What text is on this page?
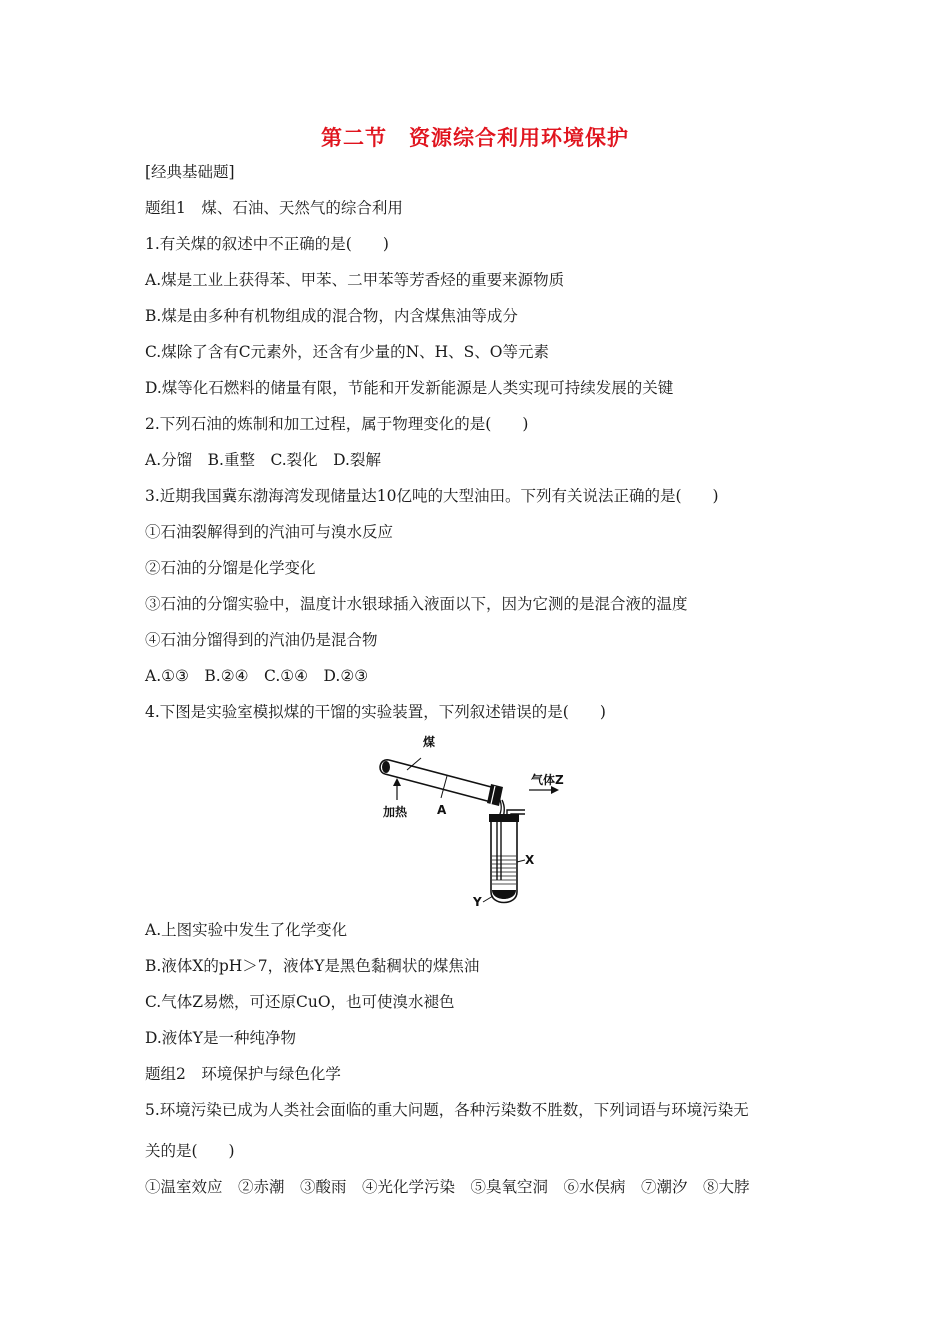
第二节　资源综合利用环境保护
[经典基础题]
题组1　煤、石油、天然气的综合利用
1.有关煤的叙述中不正确的是(　　)
A.煤是工业上获得苯、甲苯、二甲苯等芳香烃的重要来源物质
B.煤是由多种有机物组成的混合物，内含煤焦油等成分
C.煤除了含有C元素外，还含有少量的N、H、S、O等元素
D.煤等化石燃料的储量有限，节能和开发新能源是人类实现可持续发展的关键
2.下列石油的炼制和加工过程，属于物理变化的是(　　)
A.分馏　B.重整　C.裂化　D.裂解
3.近期我国冀东渤海湾发现储量达10亿吨的大型油田。下列有关说法正确的是(　　)
①石油裂解得到的汽油可与溴水反应
②石油的分馏是化学变化
③石油的分馏实验中，温度计水银球插入液面以下，因为它测的是混合液的温度
④石油分馏得到的汽油仍是混合物
A.①③　B.②④　C.①④　D.②③
4.下图是实验室模拟煤的干馏的实验装置，下列叙述错误的是(　　)
煤
加热 A
气体Z
X
Y
A.上图实验中发生了化学变化
B.液体X的pH＞7，液体Y是黑色黏稠状的煤焦油
C.气体Z易燃，可还原CuO，也可使溴水褪色
D.液体Y是一种纯净物
题组2　环境保护与绿色化学
5.环境污染已成为人类社会面临的重大问题，各种污染数不胜数，下列词语与环境污染无
关的是(　　)
①温室效应　②赤潮　③酸雨　④光化学污染　⑤臭氧空洞　⑥水俣病　⑦潮汐　⑧大脖
